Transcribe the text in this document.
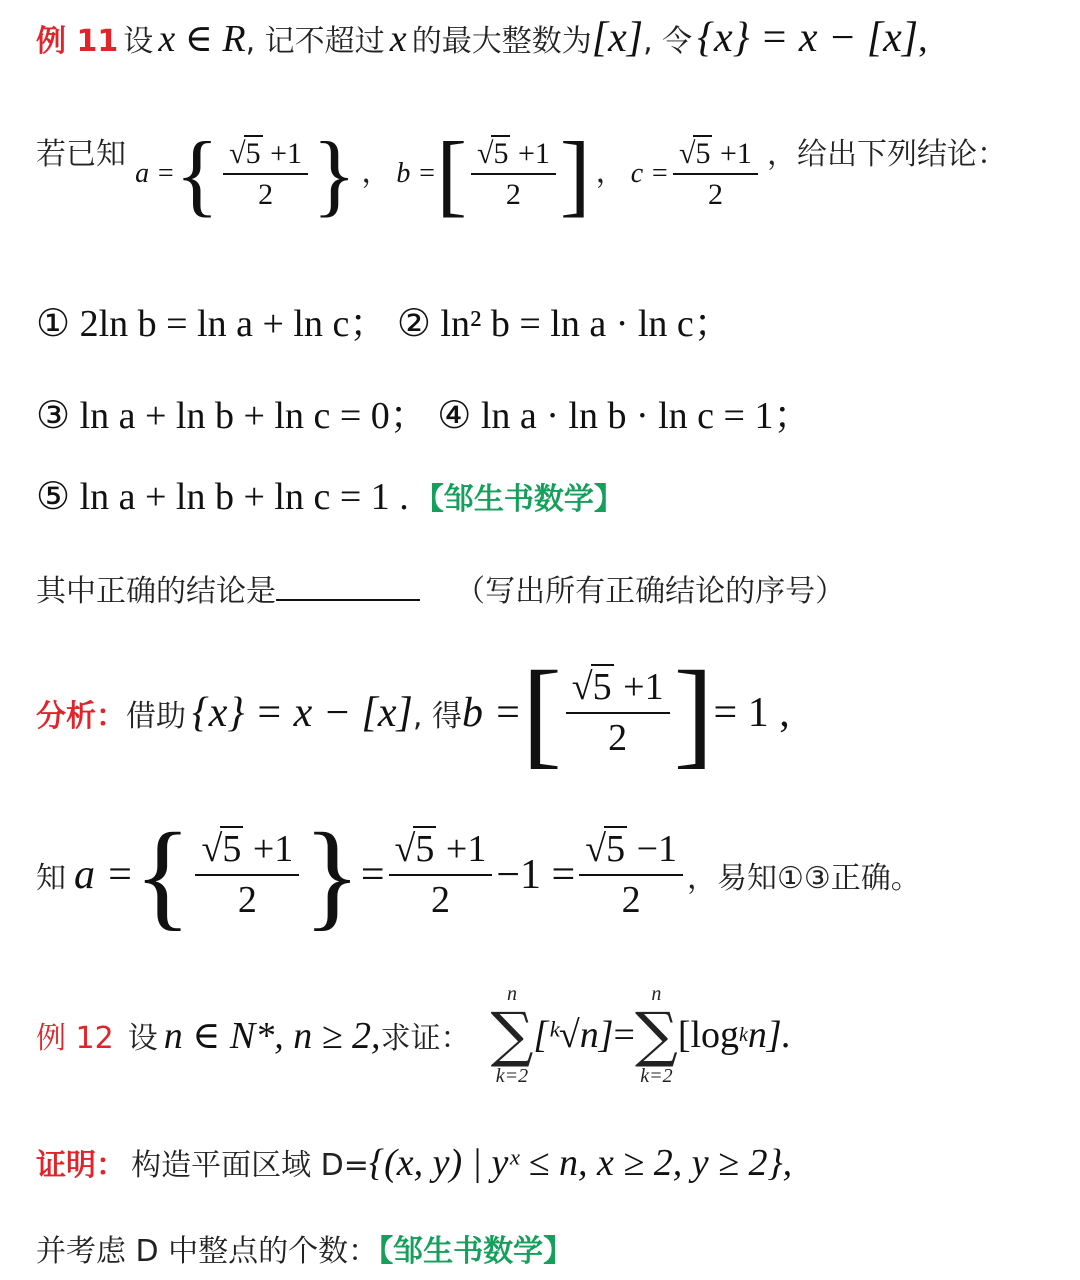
例 11 设 x ∈ R, 记不超过 x 的最大整数为[x], 令 {x} = x − [x],
若已知
a = { $\frac{√5 +1}{2}$ } ， b = [ $\frac{√5 +1}{2}$ ] ， $c = \frac{√5 +1}{2}$ ，给出下列结论：
① 2ln b = ln a + ln c； ② ln² b = ln a · ln c；
③ ln a + ln b + ln c = 0； ④ ln a · ln b · ln c = 1；
⑤ ln a + ln b + ln c = 1 . 【邹生书数学】
其中正确的结论是	（写出所有正确结论的序号）
分析： 借助 {x} = x − [x] , 得 b = [ $\frac{√5 +1}{2}$ ] = 1 ,
知 a = { $\frac{√5 +1}{2}$ } = $\frac{√5 +1}{2} -1 = \frac{√5 -1}{2}$ ，易知①③正确。
例 12 设 n ∈ N*, n ≥ 2, 求证：
n
∑
k=2
[ᵏ√n] =
n
∑
k=2
[log k n].
证明： 构造平面区域 D={(x, y) | yˣ ≤ n, x ≥ 2, y ≥ 2},
并考虑 D 中整点的个数：【邹生书数学】
